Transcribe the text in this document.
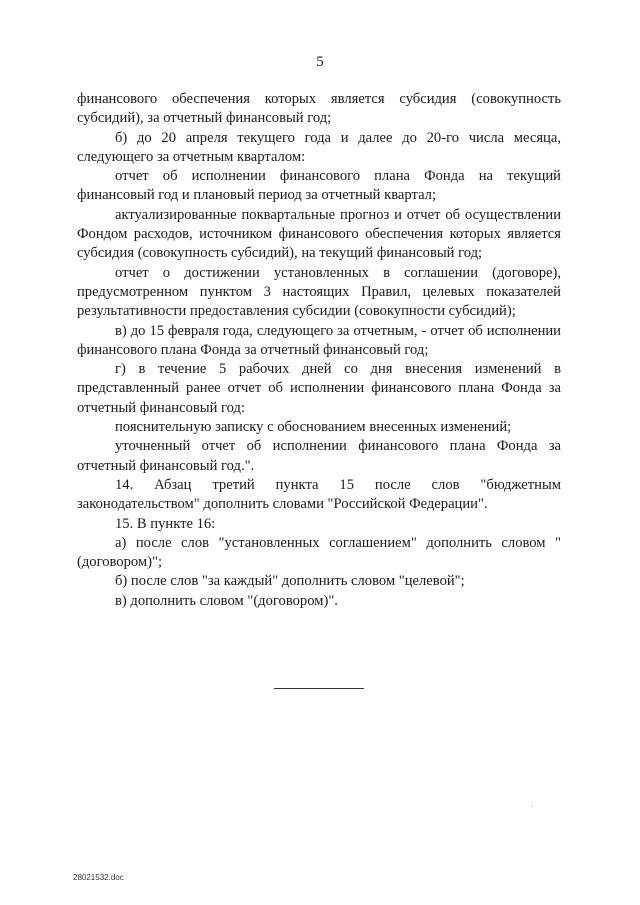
5

финансового обеспечения которых является субсидия (совокупность субсидий), за отчетный финансовый год;

б) до 20 апреля текущего года и далее до 20-го числа месяца, следующего за отчетным кварталом:

отчет об исполнении финансового плана Фонда на текущий финансовый год и плановый период за отчетный квартал;

актуализированные поквартальные прогноз и отчет об осуществлении Фондом расходов, источником финансового обеспечения которых является субсидия (совокупность субсидий), на текущий финансовый год;

отчет о достижении установленных в соглашении (договоре), предусмотренном пунктом 3 настоящих Правил, целевых показателей результативности предоставления субсидии (совокупности субсидий);

в) до 15 февраля года, следующего за отчетным, - отчет об исполнении финансового плана Фонда за отчетный финансовый год;

г) в течение 5 рабочих дней со дня внесения изменений в представленный ранее отчет об исполнении финансового плана Фонда за отчетный финансовый год:

пояснительную записку с обоснованием внесенных изменений;

уточненный отчет об исполнении финансового плана Фонда за отчетный финансовый год.".

14. Абзац третий пункта 15 после слов "бюджетным законодательством" дополнить словами "Российской Федерации".

15. В пункте 16:

а) после слов "установленных соглашением" дополнить словом "(договором)";

б) после слов "за каждый" дополнить словом "целевой";

в) дополнить словом "(договором)".

28021532.doc
